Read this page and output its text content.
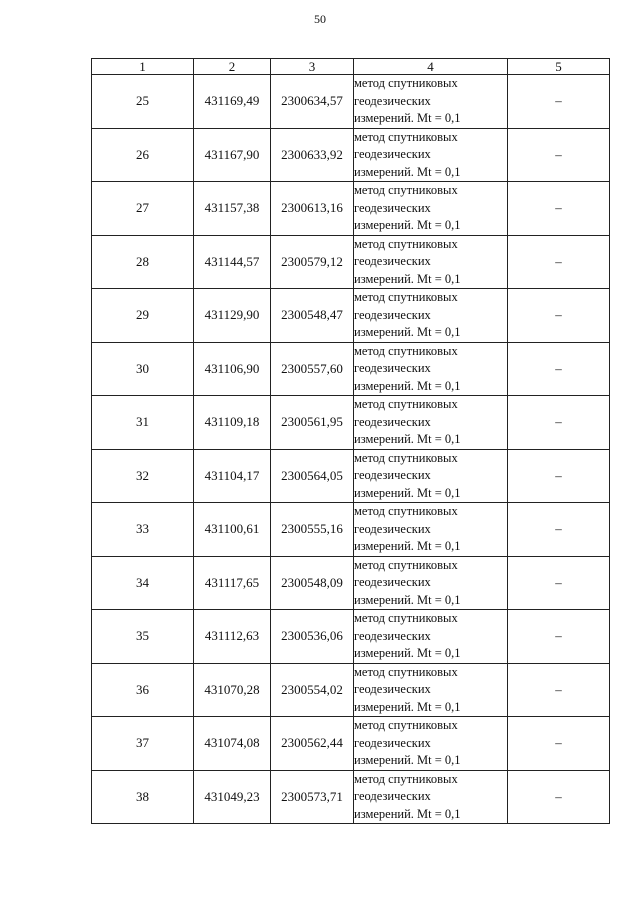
50
1	2	3	4	5
25	431169,49	2300634,57	метод спутниковых
геодезических
измерений. Mt = 0,1	–
26	431167,90	2300633,92	метод спутниковых
геодезических
измерений. Mt = 0,1	–
27	431157,38	2300613,16	метод спутниковых
геодезических
измерений. Mt = 0,1	–
28	431144,57	2300579,12	метод спутниковых
геодезических
измерений. Mt = 0,1	–
29	431129,90	2300548,47	метод спутниковых
геодезических
измерений. Mt = 0,1	–
30	431106,90	2300557,60	метод спутниковых
геодезических
измерений. Mt = 0,1	–
31	431109,18	2300561,95	метод спутниковых
геодезических
измерений. Mt = 0,1	–
32	431104,17	2300564,05	метод спутниковых
геодезических
измерений. Mt = 0,1	–
33	431100,61	2300555,16	метод спутниковых
геодезических
измерений. Mt = 0,1	–
34	431117,65	2300548,09	метод спутниковых
геодезических
измерений. Mt = 0,1	–
35	431112,63	2300536,06	метод спутниковых
геодезических
измерений. Mt = 0,1	–
36	431070,28	2300554,02	метод спутниковых
геодезических
измерений. Mt = 0,1	–
37	431074,08	2300562,44	метод спутниковых
геодезических
измерений. Mt = 0,1	–
38	431049,23	2300573,71	метод спутниковых
геодезических
измерений. Mt = 0,1	–
